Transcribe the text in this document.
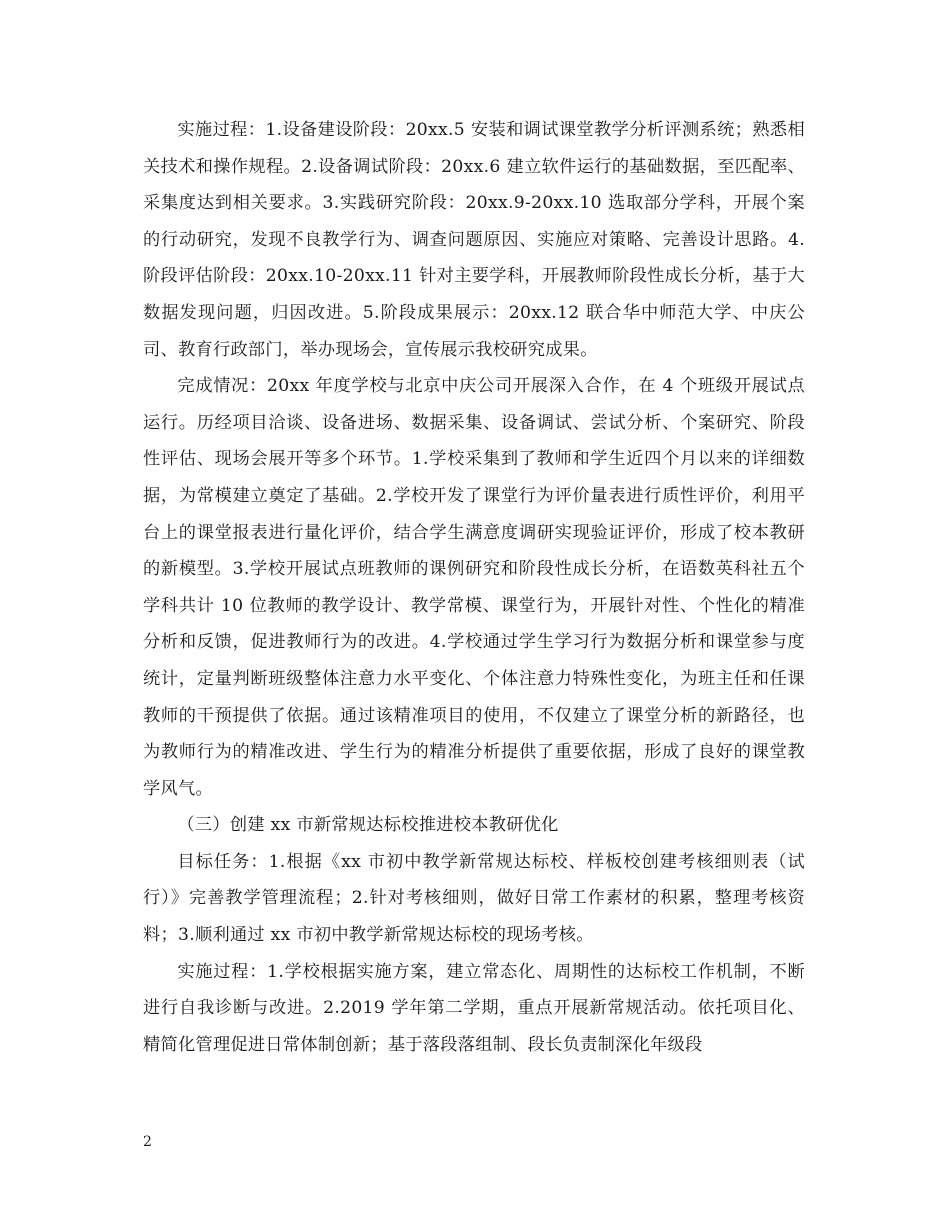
实施过程：1.设备建设阶段：20xx.5 安装和调试课堂教学分析评测系统；熟悉相关技术和操作规程。2.设备调试阶段：20xx.6 建立软件运行的基础数据，至匹配率、采集度达到相关要求。3.实践研究阶段：20xx.9-20xx.10 选取部分学科，开展个案的行动研究，发现不良教学行为、调查问题原因、实施应对策略、完善设计思路。4.阶段评估阶段：20xx.10-20xx.11 针对主要学科，开展教师阶段性成长分析，基于大数据发现问题，归因改进。5.阶段成果展示：20xx.12 联合华中师范大学、中庆公司、教育行政部门，举办现场会，宣传展示我校研究成果。

完成情况：20xx 年度学校与北京中庆公司开展深入合作，在 4 个班级开展试点运行。历经项目洽谈、设备进场、数据采集、设备调试、尝试分析、个案研究、阶段性评估、现场会展开等多个环节。1.学校采集到了教师和学生近四个月以来的详细数据，为常模建立奠定了基础。2.学校开发了课堂行为评价量表进行质性评价，利用平台上的课堂报表进行量化评价，结合学生满意度调研实现验证评价，形成了校本教研的新模型。3.学校开展试点班教师的课例研究和阶段性成长分析，在语数英科社五个学科共计 10 位教师的教学设计、教学常模、课堂行为，开展针对性、个性化的精准分析和反馈，促进教师行为的改进。4.学校通过学生学习行为数据分析和课堂参与度统计，定量判断班级整体注意力水平变化、个体注意力特殊性变化，为班主任和任课教师的干预提供了依据。通过该精准项目的使用，不仅建立了课堂分析的新路径，也为教师行为的精准改进、学生行为的精准分析提供了重要依据，形成了良好的课堂教学风气。

（三）创建 xx 市新常规达标校推进校本教研优化

目标任务：1.根据《xx 市初中教学新常规达标校、样板校创建考核细则表（试行）》完善教学管理流程；2.针对考核细则，做好日常工作素材的积累，整理考核资料；3.顺利通过 xx 市初中教学新常规达标校的现场考核。

实施过程：1.学校根据实施方案，建立常态化、周期性的达标校工作机制，不断进行自我诊断与改进。2.2019 学年第二学期，重点开展新常规活动。依托项目化、精简化管理促进日常体制创新；基于落段落组制、段长负责制深化年级段

2
